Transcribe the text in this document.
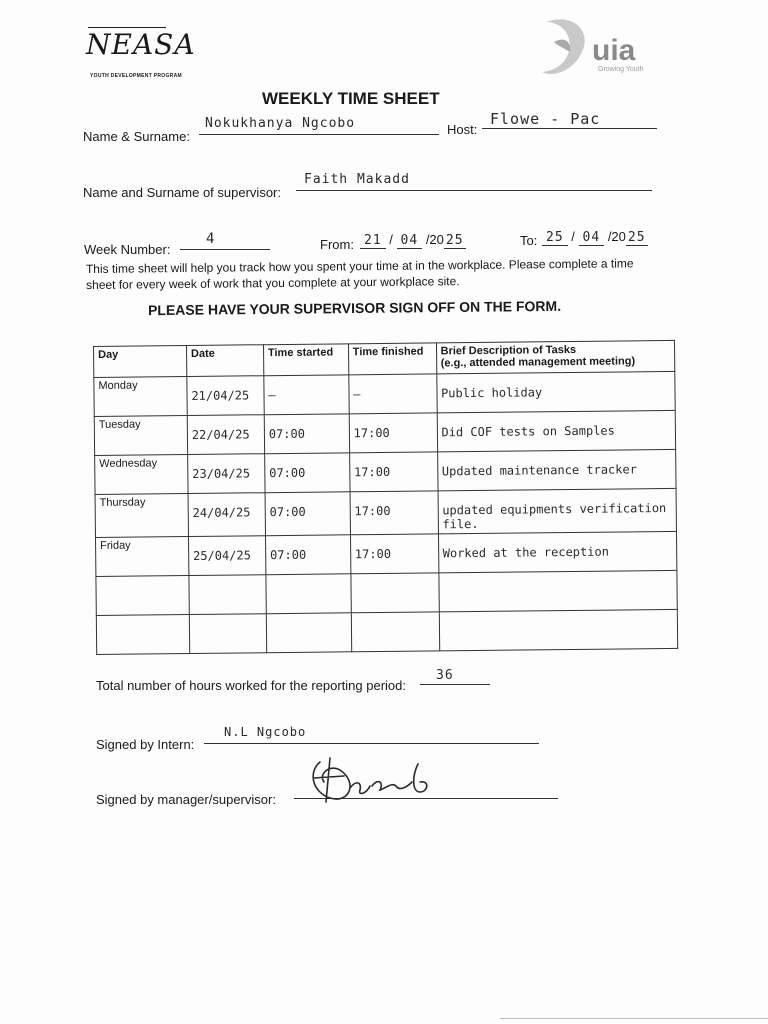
NEASA
YOUTH DEVELOPMENT PROGRAM
uia
Growing Youth
WEEKLY TIME SHEET
Name & Surname:
Nokukhanya Ngcobo	Host:
Flowe - Pac
Name and Surname of supervisor:
Faith Makadd
Week Number:
4	From: 21 / 04 /20 25	To: 25 / 04 /20 25
This time sheet will help you track how you spent your time at in the workplace. Please complete a time sheet for every week of work that you complete at your workplace site.
PLEASE HAVE YOUR SUPERVISOR SIGN OFF ON THE FORM.
Day	Date	Time started	Time finished	Brief Description of Tasks
(e.g., attended management meeting)

Monday	21/04/25	–	–	Public holiday

Tuesday	22/04/25	07:00	17:00	Did COF tests on Samples

Wednesday	23/04/25	07:00	17:00	Updated maintenance tracker

Thursday	24/04/25	07:00	17:00	updated equipments verification file.

Friday	25/04/25	07:00	17:00	Worked at the reception

Total number of hours worked for the reporting period:
36
Signed by Intern:
N.L Ngcobo
Signed by manager/supervisor:
